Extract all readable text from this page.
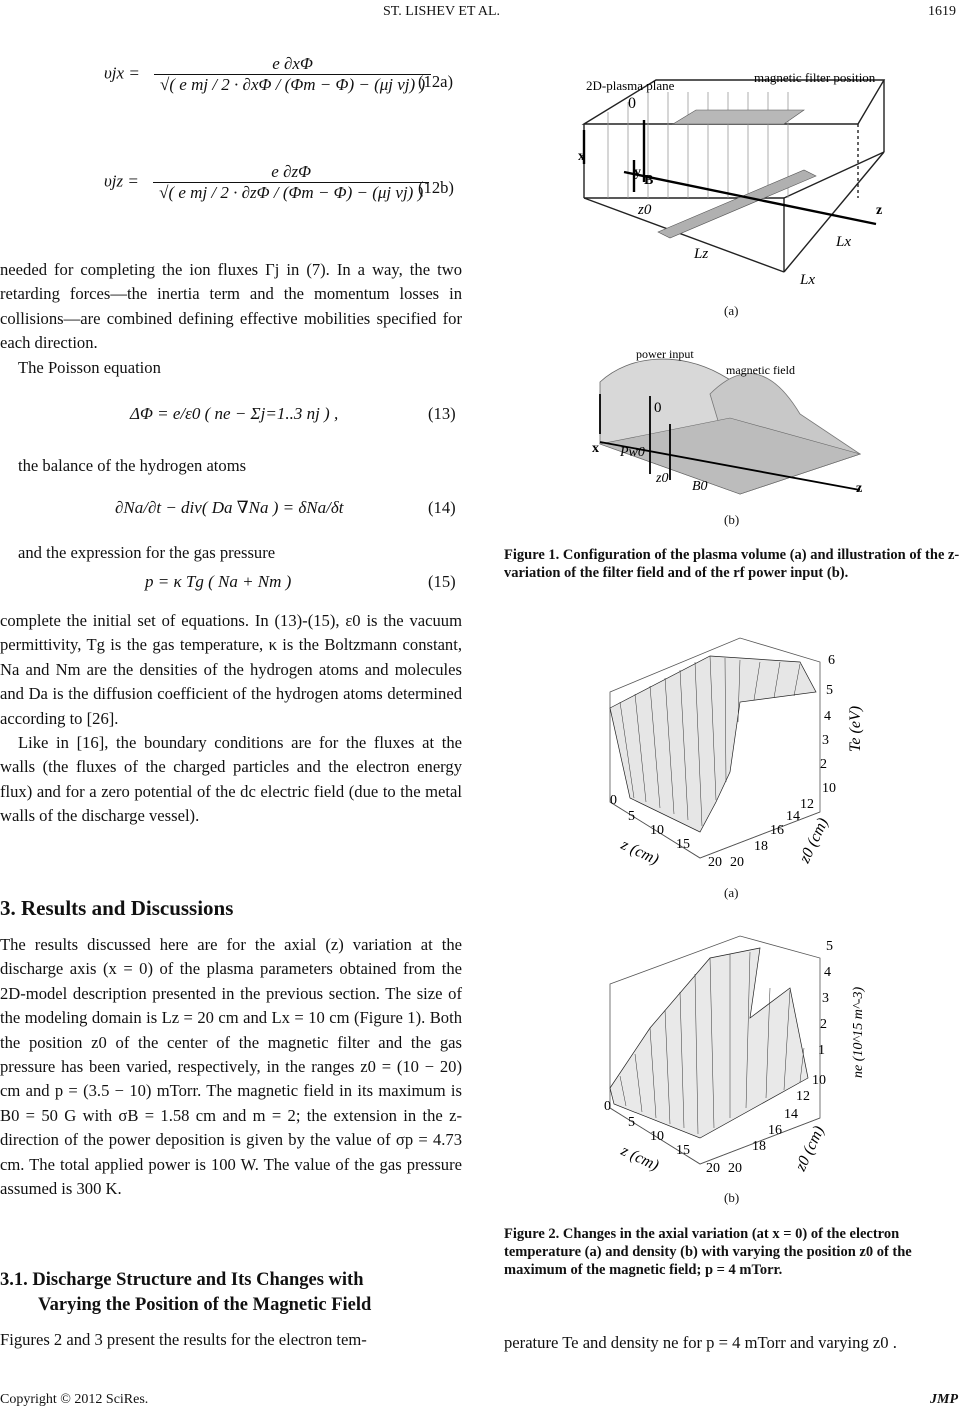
ST. LISHEV ET AL.	1619
$\upsilon jx = \frac{e \partial x\Phi}{\text{√( e mj / 2 · ∂xΦ / (Φm − Φ) − (μj νj) )}}$
(12a)
$\upsilon jz = \frac{e \partial z\Phi}{\text{√( e mj / 2 · ∂zΦ / (Φm − Φ) − (μj νj) )}}$
(12b)

needed for completing the ion fluxes Γj in (7). In a way, the two retarding forces—the inertia term and the momentum losses in collisions—are combined defining effective mobilities specified for each direction.

The Poisson equation

ΔΦ = e/ε0 ( ne − Σj=1..3 nj ) ,	(13)

the balance of the hydrogen atoms

∂Na/∂t − div( Da ∇Na ) = δNa/δt	(14)

and the expression for the gas pressure

p = κ Tg ( Na + Nm )	(15)

complete the initial set of equations. In (13)-(15), ε0 is the vacuum permittivity, Tg is the gas temperature, κ is the Boltzmann constant, Na and Nm are the densities of the hydrogen atoms and molecules and Da is the diffusion coefficient of the hydrogen atoms determined according to [26].

Like in [16], the boundary conditions are for the fluxes at the walls (the fluxes of the charged particles and the electron energy flux) and for a zero potential of the dc electric field (due to the metal walls of the discharge vessel).

3. Results and Discussions

The results discussed here are for the axial (z) variation at the discharge axis (x = 0) of the plasma parameters obtained from the 2D-model description presented in the previous section. The size of the modeling domain is Lz = 20 cm and Lx = 10 cm (Figure 1). Both the position z0 of the center of the magnetic filter and the gas pressure has been varied, respectively, in the ranges z0 = (10 − 20) cm and p = (3.5 − 10) mTorr. The magnetic field in its maximum is B0 = 50 G with σB = 1.58 cm and m = 2; the extension in the z-direction of the power deposition is given by the value of σp = 4.73 cm. The total applied power is 100 W. The value of the gas pressure assumed is 300 K.

3.1. Discharge Structure and Its Changes with
Varying the Position of the Magnetic Field

Figures 2 and 3 present the results for the electron tem-

2D-plasma plane
magnetic filter position
0
x
y
B
z
z0
Lz
Lx
Lx
(a)
power input
magnetic field
0
x Pw0
z0
B0	z
(b)
Figure 1. Configuration of the plasma volume (a) and illustration of the z-variation of the filter field and of the rf power input (b).
6
5
4
3
2
0
5
10
15
20
10
12
14
16
18
20
z (cm)	z0 (cm)
Te (eV)
(a)
5
4
3
2
1
0
5
10
15
20
10
12
14
16
18
20
z (cm)	z0 (cm)
ne (10^15 m^-3)
(b)
Figure 2. Changes in the axial variation (at x = 0) of the electron temperature (a) and density (b) with varying the position z0 of the maximum of the magnetic field; p = 4 mTorr.

perature Te and density ne for p = 4 mTorr and varying z0 .

Copyright © 2012 SciRes.	JMP
